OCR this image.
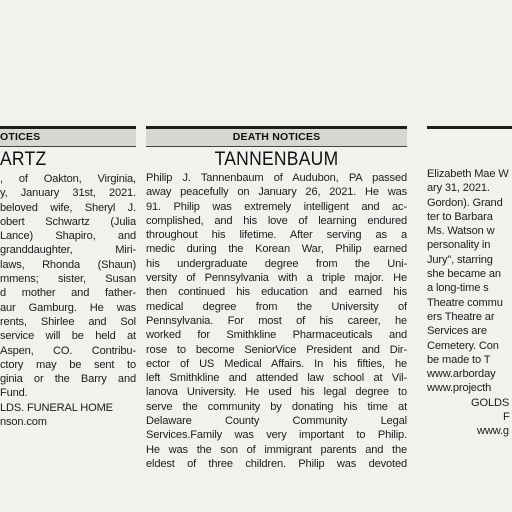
OTICES
ARTZ
, of Oakton, Virginia,
y, January 31st, 2021.
beloved wife, Sheryl J.
obert Schwartz (Julia
Lance) Shapiro, and
granddaughter, Miri-
laws, Rhonda (Shaun)
mmens; sister, Susan
d mother and father-
aur Gamburg. He was
rents, Shirlee and Sol
service will be held at
Aspen, CO. Contribu-
ctory may be sent to
ginia or the Barry and
Fund.
LDS. FUNERAL HOME
nson.com
DEATH NOTICES
TANNENBAUM
Philip J. Tannenbaum of Audubon, PA passed
away peacefully on January 26, 2021. He was
91. Philip was extremely intelligent and ac-
complished, and his love of learning endured
throughout his lifetime. After serving as a
medic during the Korean War, Philip earned
his undergraduate degree from the Uni-
versity of Pennsylvania with a triple major. He
then continued his education and earned his
medical degree from the University of
Pennsylvania. For most of his career, he
worked for Smithkline Pharmaceuticals and
rose to become SeniorVice President and Dir-
ector of US Medical Affairs. In his fifties, he
left Smithkline and attended law school at Vil-
lanova University. He used his legal degree to
serve the community by donating his time at
Delaware County Community Legal
Services.Family was very important to Philip.
He was the son of immigrant parents and the
eldest of three children. Philip was devoted
Elizabeth Mae W
ary 31, 2021.
Gordon). Grand
ter to Barbara
Ms. Watson w
personality in
Jury", starring
she became an
a long-time s
Theatre commu
ers Theatre ar
Services are
Cemetery. Con
be made to T
www.arborday
www.projecth
GOLDS
F
www.g
